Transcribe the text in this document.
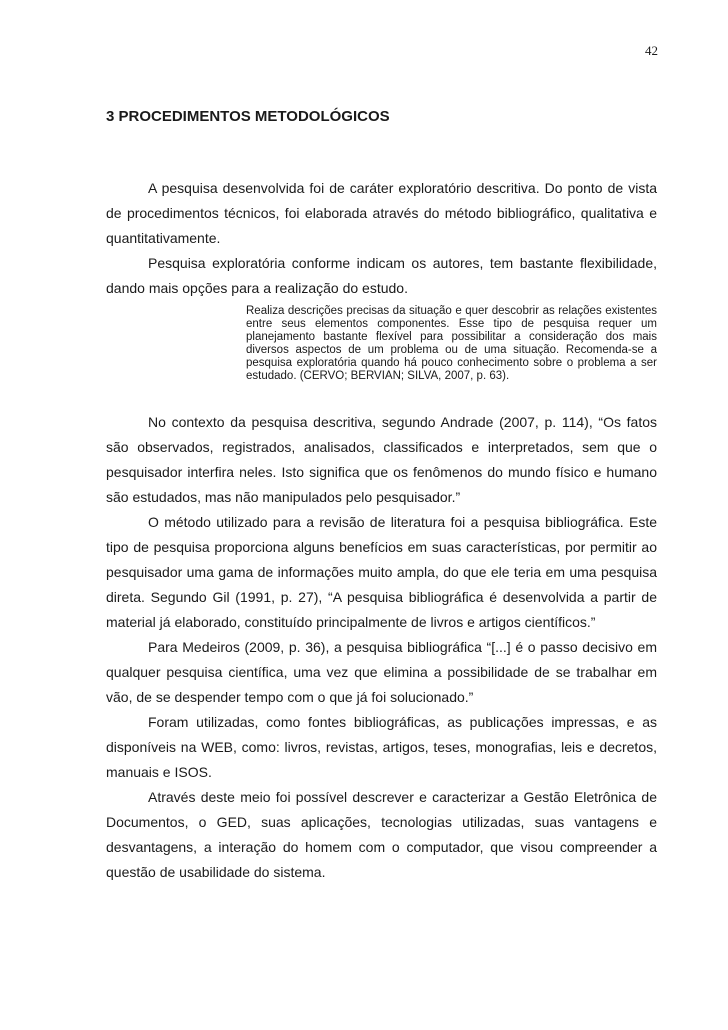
42
3 PROCEDIMENTOS METODOLÓGICOS

A pesquisa desenvolvida foi de caráter exploratório descritiva. Do ponto de vista de procedimentos técnicos, foi elaborada através do método bibliográfico, qualitativa e quantitativamente.

Pesquisa exploratória conforme indicam os autores, tem bastante flexibilidade, dando mais opções para a realização do estudo.

Realiza descrições precisas da situação e quer descobrir as relações existentes entre seus elementos componentes. Esse tipo de pesquisa requer um planejamento bastante flexível para possibilitar a consideração dos mais diversos aspectos de um problema ou de uma situação. Recomenda-se a pesquisa exploratória quando há pouco conhecimento sobre o problema a ser estudado. (CERVO; BERVIAN; SILVA, 2007, p. 63).

No contexto da pesquisa descritiva, segundo Andrade (2007, p. 114), “Os fatos são observados, registrados, analisados, classificados e interpretados, sem que o pesquisador interfira neles. Isto significa que os fenômenos do mundo físico e humano são estudados, mas não manipulados pelo pesquisador.”

O método utilizado para a revisão de literatura foi a pesquisa bibliográfica. Este tipo de pesquisa proporciona alguns benefícios em suas características, por permitir ao pesquisador uma gama de informações muito ampla, do que ele teria em uma pesquisa direta. Segundo Gil (1991, p. 27), “A pesquisa bibliográfica é desenvolvida a partir de material já elaborado, constituído principalmente de livros e artigos científicos.”

Para Medeiros (2009, p. 36), a pesquisa bibliográfica “[...] é o passo decisivo em qualquer pesquisa científica, uma vez que elimina a possibilidade de se trabalhar em vão, de se despender tempo com o que já foi solucionado.”

Foram utilizadas, como fontes bibliográficas, as publicações impressas, e as disponíveis na WEB, como: livros, revistas, artigos, teses, monografias, leis e decretos, manuais e ISOS.

Através deste meio foi possível descrever e caracterizar a Gestão Eletrônica de Documentos, o GED, suas aplicações, tecnologias utilizadas, suas vantagens e desvantagens, a interação do homem com o computador, que visou compreender a questão de usabilidade do sistema.
